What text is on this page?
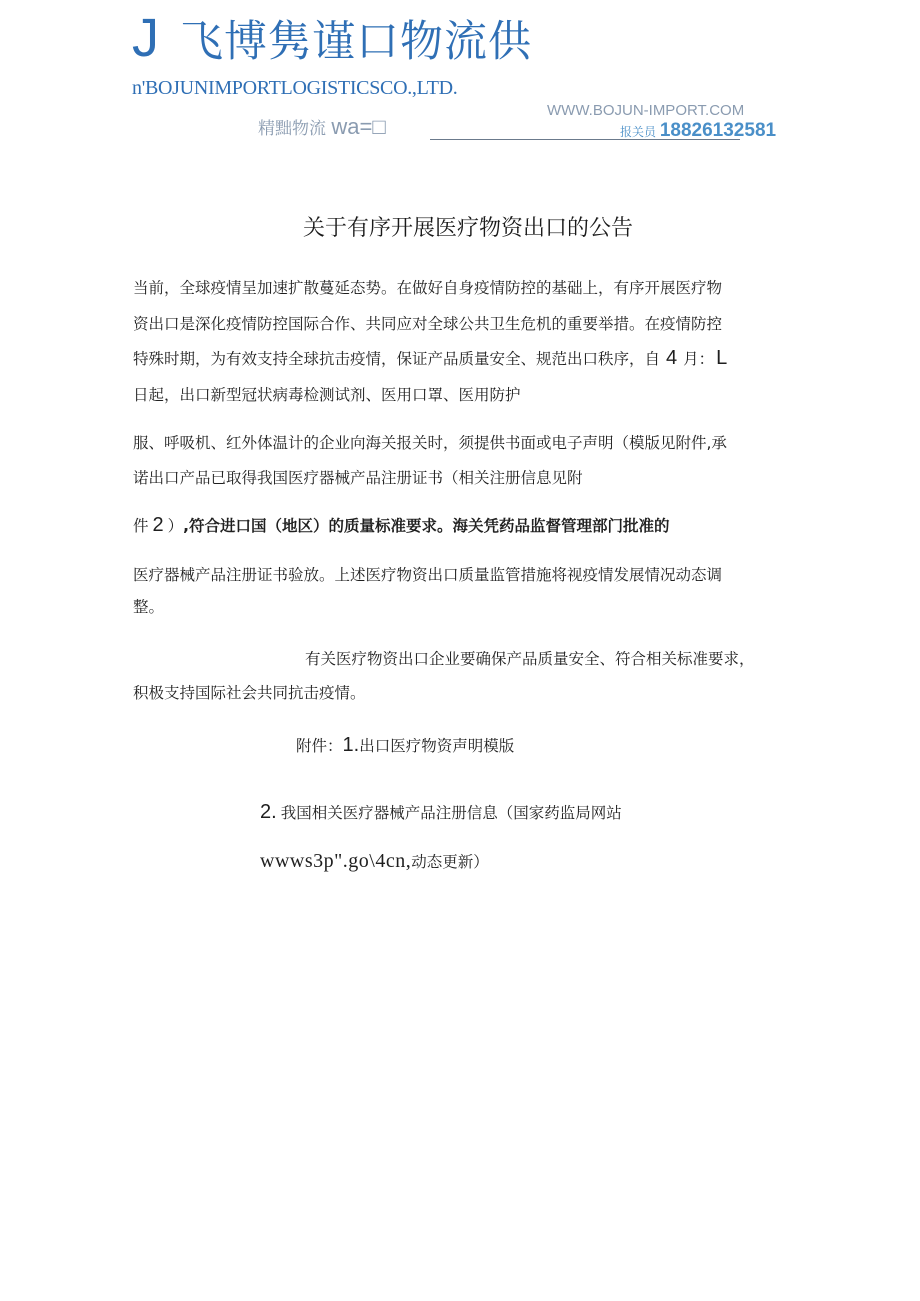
J 飞博隽谨口物流供
n'BOJUNIMPORTLOGISTICSCO.,LTD.
WWW.BOJUN-IMPORT.COM
精黜物流 wa=□	报关员 18826132581
关于有序开展医疗物资出口的公告
当前，全球疫情呈加速扩散蔓延态势。在做好自身疫情防控的基础上，有序开展医疗物
资出口是深化疫情防控国际合作、共同应对全球公共卫生危机的重要举措。在疫情防控
特殊时期，为有效支持全球抗击疫情，保证产品质量安全、规范出口秩序，自 4 月： L
日起，出口新型冠状病毒检测试剂、医用口罩、医用防护
服、呼吸机、红外体温计的企业向海关报关时，须提供书面或电子声明（模版见附件,承
诺出口产品已取得我国医疗器械产品注册证书（相关注册信息见附
件 2 ）,符合进口国（地区）的质量标准要求。海关凭药品监督管理部门批准的
医疗器械产品注册证书验放。上述医疗物资出口质量监管措施将视疫情发展情况动态调
整。
有关医疗物资出口企业要确保产品质量安全、符合相关标准要求，
积极支持国际社会共同抗击疫情。
附件：1.出口医疗物资声明模版
2. 我国相关医疗器械产品注册信息（国家药监局网站
wwws3p".go\4cn,动态更新）
